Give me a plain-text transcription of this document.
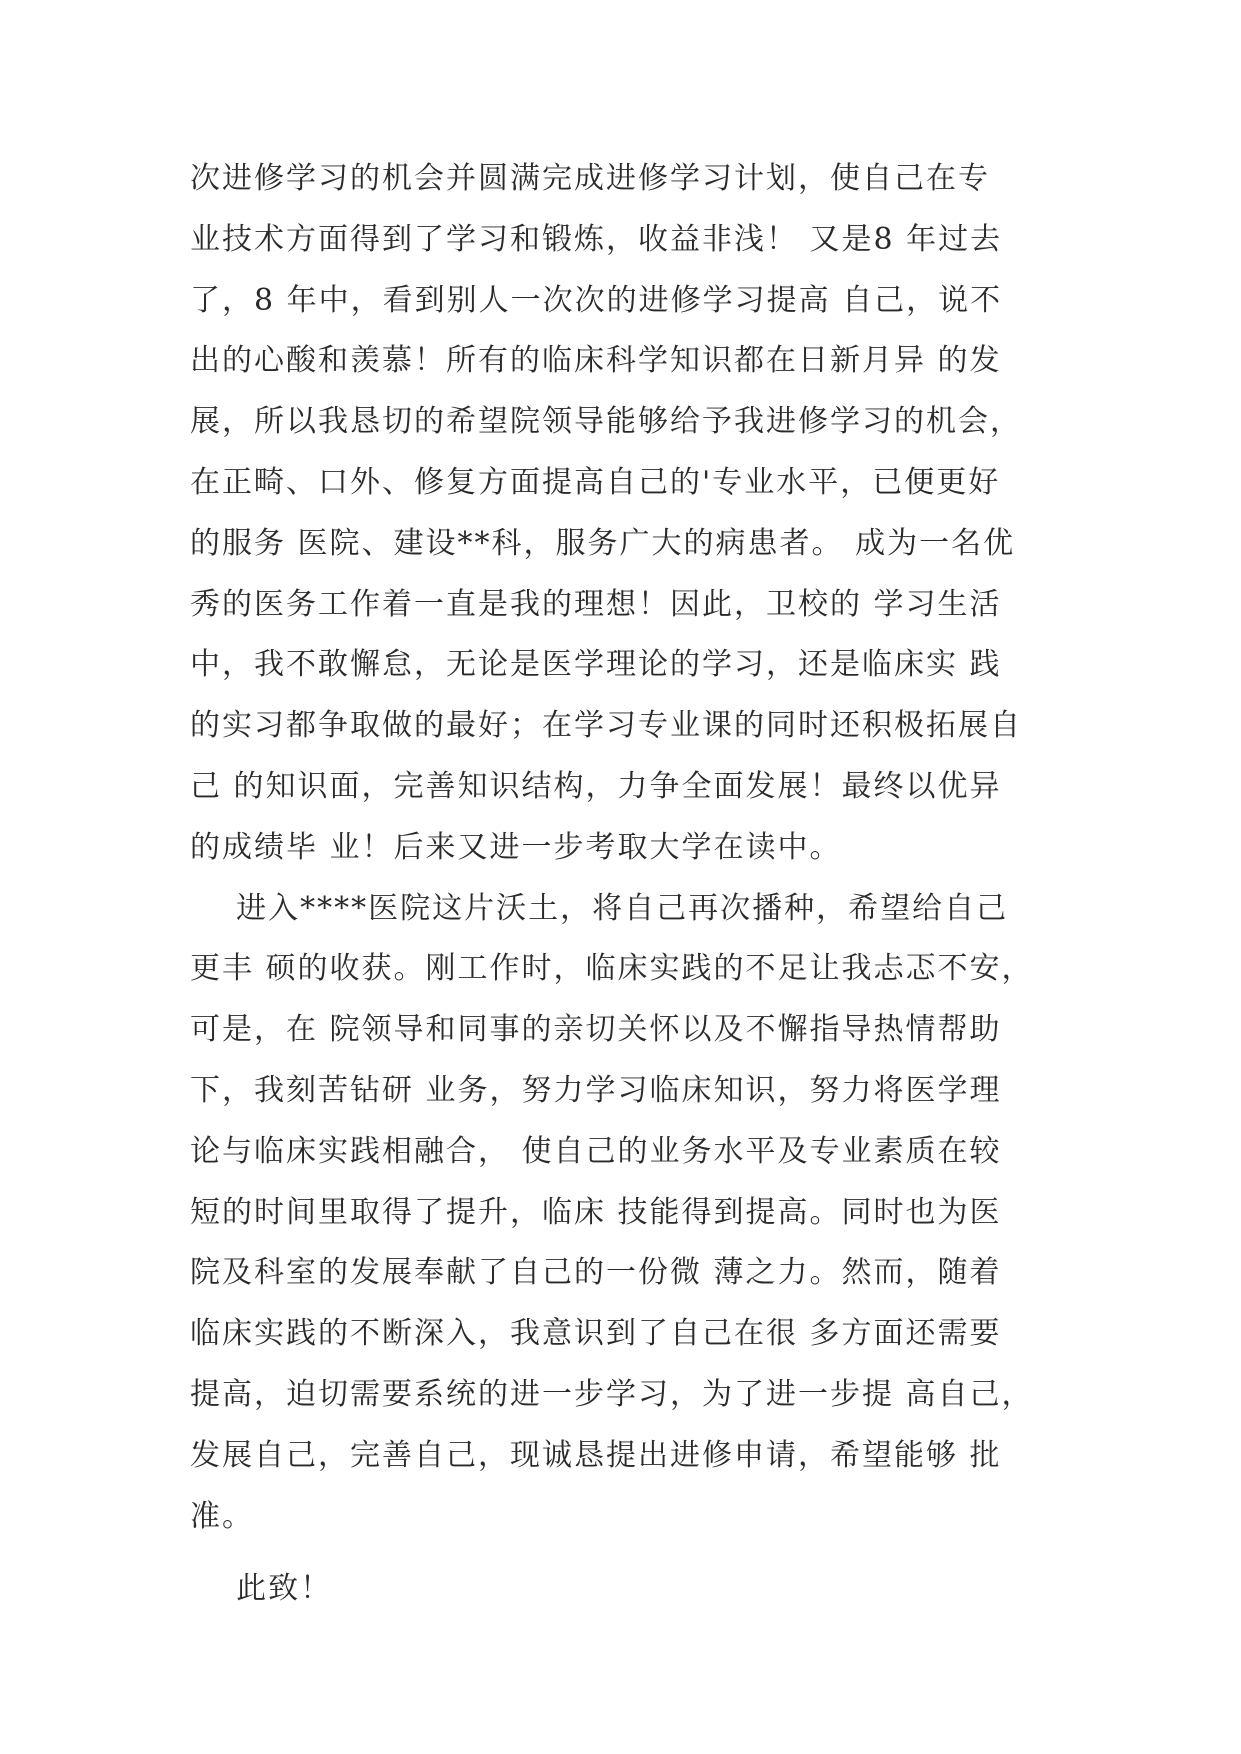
次进修学习的机会并圆满完成进修学习计划，使自己在专
业技术方面得到了学习和锻炼，收益非浅！ 又是8 年过去
了，8 年中，看到别人一次次的进修学习提高 自己，说不
出的心酸和羡慕！所有的临床科学知识都在日新月异 的发
展，所以我恳切的希望院领导能够给予我进修学习的机会，
在正畸、口外、修复方面提高自己的'专业水平，已便更好
的服务 医院、建设**科，服务广大的病患者。 成为一名优
秀的医务工作着一直是我的理想！因此，卫校的 学习生活
中，我不敢懈怠，无论是医学理论的学习，还是临床实 践
的实习都争取做的最好；在学习专业课的同时还积极拓展自
己 的知识面，完善知识结构，力争全面发展！最终以优异
的成绩毕 业！后来又进一步考取大学在读中。
进入****医院这片沃土，将自己再次播种，希望给自己
更丰 硕的收获。刚工作时，临床实践的不足让我忐忑不安，
可是，在 院领导和同事的亲切关怀以及不懈指导热情帮助
下，我刻苦钻研 业务，努力学习临床知识，努力将医学理
论与临床实践相融合， 使自己的业务水平及专业素质在较
短的时间里取得了提升，临床 技能得到提高。同时也为医
院及科室的发展奉献了自己的一份微 薄之力。然而，随着
临床实践的不断深入，我意识到了自己在很 多方面还需要
提高，迫切需要系统的进一步学习，为了进一步提 高自己，
发展自己，完善自己，现诚恳提出进修申请，希望能够 批
准。
此致！
